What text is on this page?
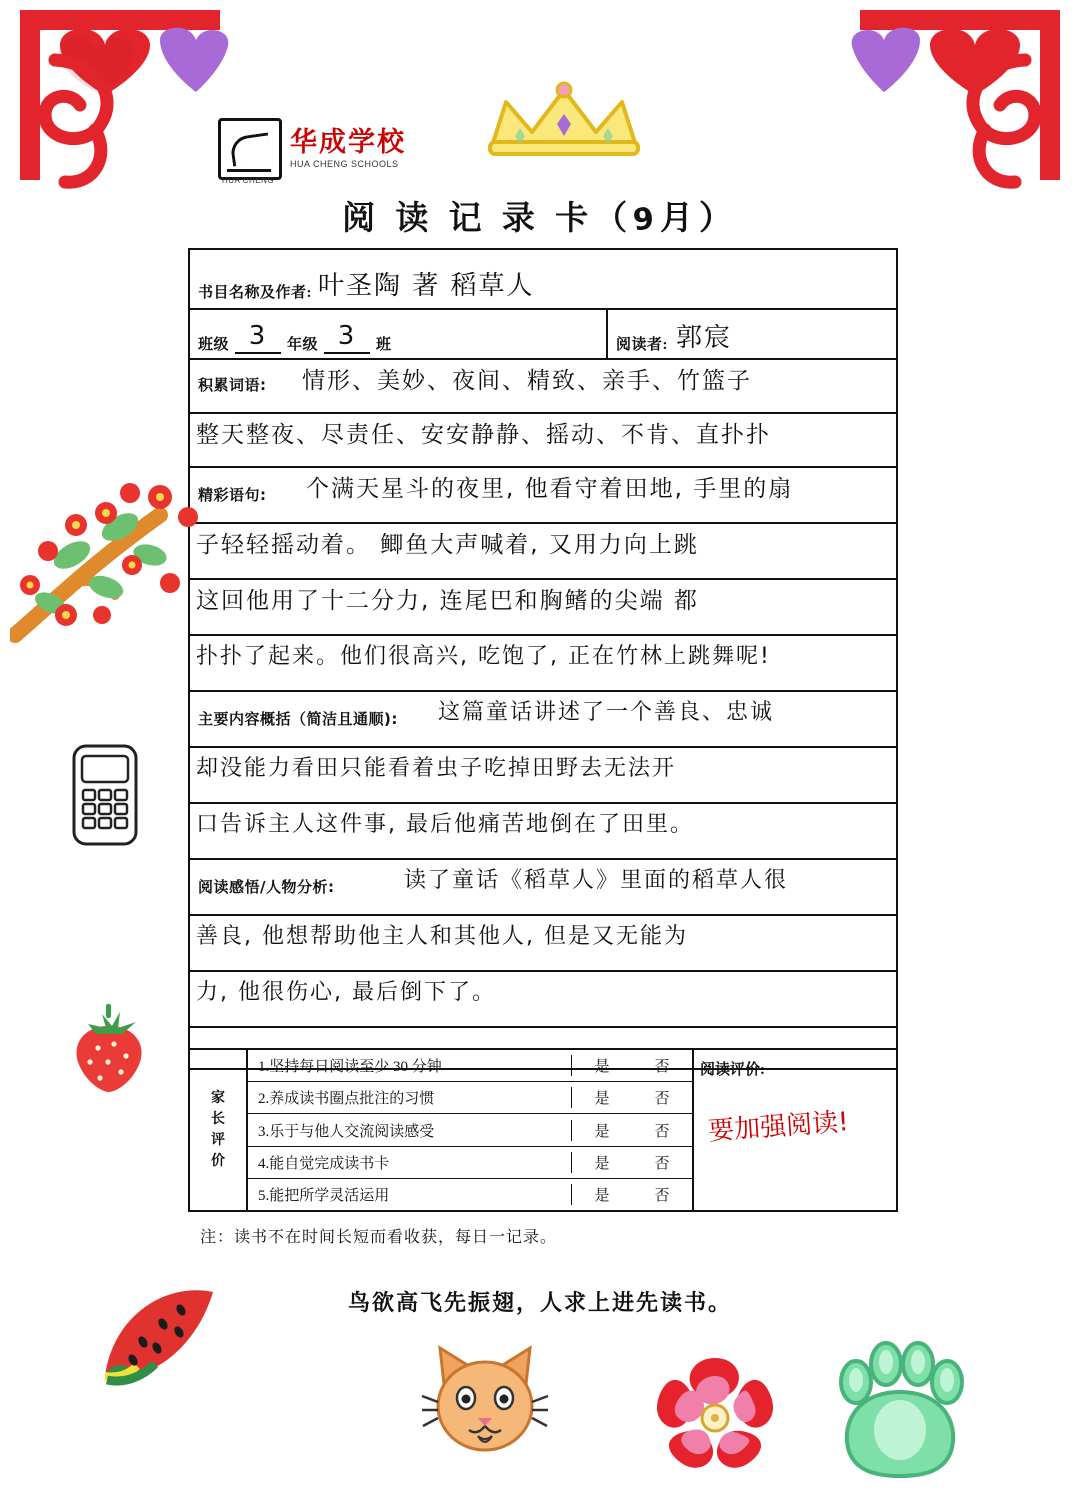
华成学校
HUA CHENG SCHOOLS
HUA CHENG
阅 读 记 录 卡（9月）
书目名称及作者: 叶圣陶 著 稻草人
班级 3	年级 3	班	阅读者: 郭宸
积累词语: 情形、美妙、夜间、精致、亲手、竹篮子
整天整夜、尽责任、安安静静、摇动、不肯、直扑扑
精彩语句: 个满天星斗的夜里, 他看守着田地, 手里的扇
子轻轻摇动着。 鲫鱼大声喊着, 又用力向上跳
这回他用了十二分力, 连尾巴和胸鳍的尖端 都
扑扑了起来。他们很高兴, 吃饱了, 正在竹林上跳舞呢!
主要内容概括（简洁且通顺): 这篇童话讲述了一个善良、忠诚
却没能力看田只能看着虫子吃掉田野去无法开
口告诉主人这件事, 最后他痛苦地倒在了田里。
阅读感悟/人物分析:	读了童话《稻草人》里面的稻草人很
善良, 他想帮助他主人和其他人, 但是又无能为
力, 他很伤心, 最后倒下了。
家
长
评
价
1.坚持每日阅读至少 30 分钟	是	否
2.养成读书圈点批注的习惯	是	否
3.乐于与他人交流阅读感受	是	否
4.能自觉完成读书卡	是	否
5.能把所学灵活运用	是	否
阅读评价:
要加强阅读!
注：读书不在时间长短而看收获，每日一记录。
鸟欲高飞先振翅，人求上进先读书。
